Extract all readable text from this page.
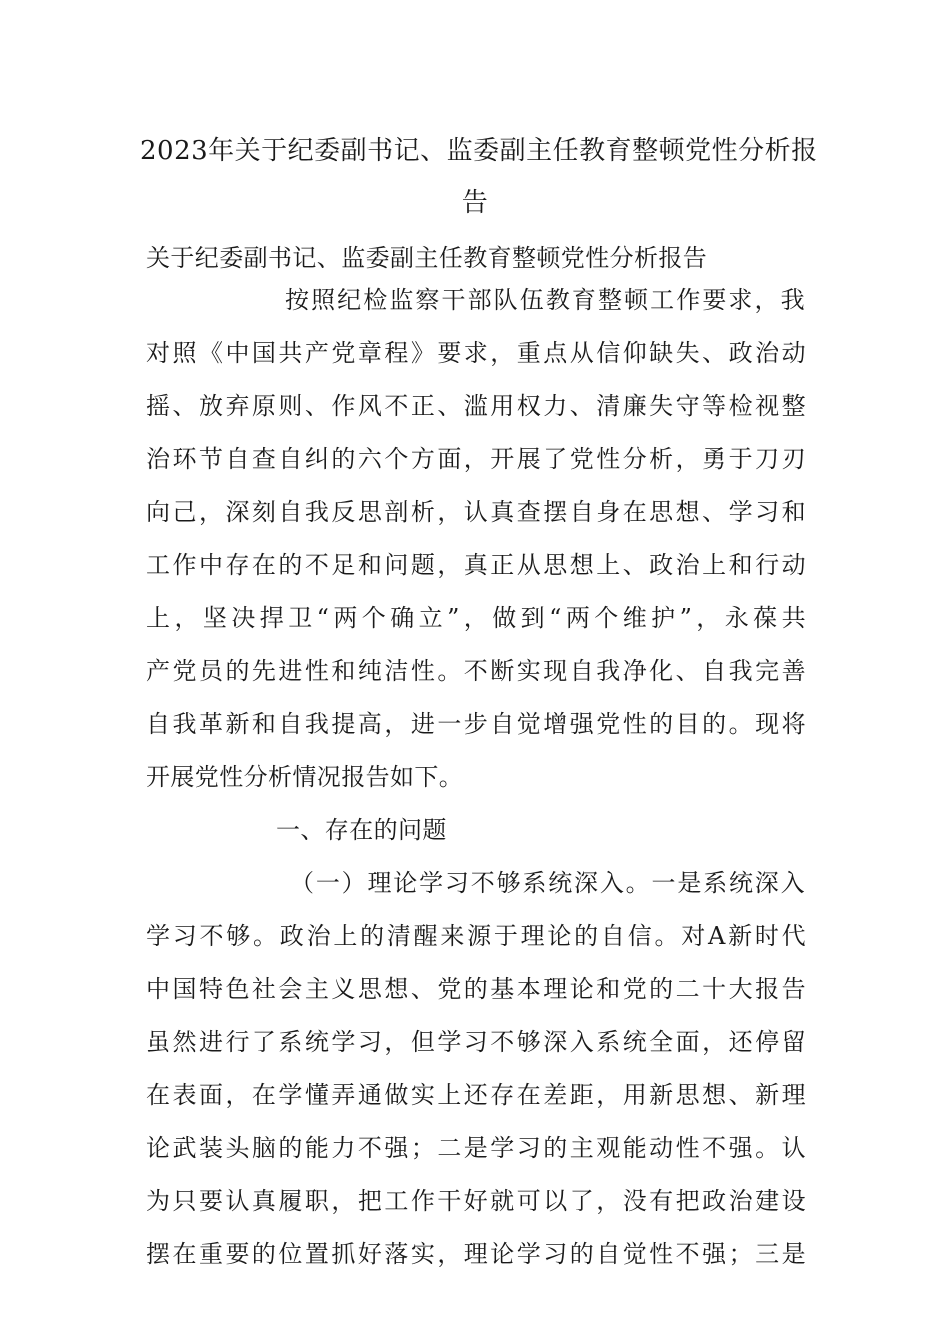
2023年关于纪委副书记、监委副主任教育整顿党性分析报
告
关于纪委副书记、监委副主任教育整顿党性分析报告
按照纪检监察干部队伍教育整顿工作要求，我
对照《中国共产党章程》要求，重点从信仰缺失、政治动
摇、放弃原则、作风不正、滥用权力、清廉失守等检视整
治环节自查自纠的六个方面，开展了党性分析，勇于刀刃
向己，深刻自我反思剖析，认真查摆自身在思想、学习和
工作中存在的不足和问题，真正从思想上、政治上和行动
上，坚决捍卫“两个确立”，做到“两个维护”，永葆共
产党员的先进性和纯洁性。不断实现自我净化、自我完善
自我革新和自我提高，进一步自觉增强党性的目的。现将
开展党性分析情况报告如下。
一、存在的问题
（一）理论学习不够系统深入。一是系统深入
学习不够。政治上的清醒来源于理论的自信。对A新时代
中国特色社会主义思想、党的基本理论和党的二十大报告
虽然进行了系统学习，但学习不够深入系统全面，还停留
在表面，在学懂弄通做实上还存在差距，用新思想、新理
论武装头脑的能力不强；二是学习的主观能动性不强。认
为只要认真履职，把工作干好就可以了，没有把政治建设
摆在重要的位置抓好落实，理论学习的自觉性不强；三是
